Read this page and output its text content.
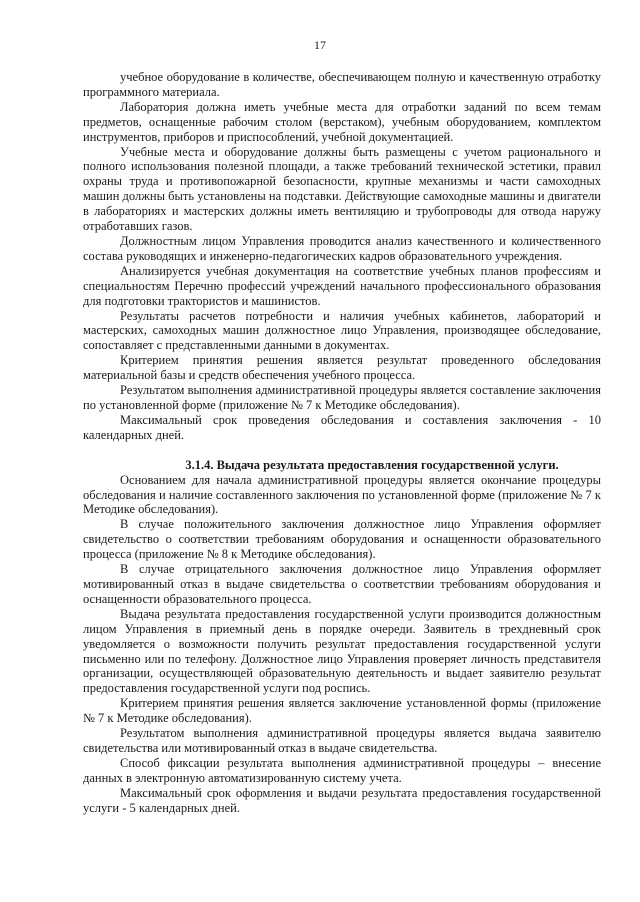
17

учебное оборудование в количестве, обеспечивающем полную и качественную отработку программного материала.

Лаборатория должна иметь учебные места для отработки заданий по всем темам предметов, оснащенные рабочим столом (верстаком), учебным оборудованием, комплектом инструментов, приборов и приспособлений, учебной документацией.

Учебные места и оборудование должны быть размещены с учетом рационального и полного использования полезной площади, а также требований технической эстетики, правил охраны труда и противопожарной безопасности, крупные механизмы и части самоходных машин должны быть установлены на подставки. Действующие самоходные машины и двигатели в лабораториях и мастерских должны иметь вентиляцию и трубопроводы для отвода наружу отработавших газов.

Должностным лицом Управления проводится анализ качественного и количественного состава руководящих и инженерно-педагогических кадров образовательного учреждения.

Анализируется учебная документация на соответствие учебных планов профессиям и специальностям Перечню профессий учреждений начального профессионального образования для подготовки трактористов и машинистов.

Результаты расчетов потребности и наличия учебных кабинетов, лабораторий и мастерских, самоходных машин должностное лицо Управления, производящее обследование, сопоставляет с представленными данными в документах.

Критерием принятия решения является результат проведенного обследования материальной базы и средств обеспечения учебного процесса.

Результатом выполнения административной процедуры является составление заключения по установленной форме (приложение № 7 к Методике обследования).

Максимальный срок проведения обследования и составления заключения - 10 календарных дней.

3.1.4. Выдача результата предоставления государственной услуги.

Основанием для начала административной процедуры является окончание процедуры обследования и наличие составленного заключения по установленной форме (приложение № 7 к Методике обследования).

В случае положительного заключения должностное лицо Управления оформляет свидетельство о соответствии требованиям оборудования и оснащенности образовательного процесса (приложение № 8 к Методике обследования).

В случае отрицательного заключения должностное лицо Управления оформляет мотивированный отказ в выдаче свидетельства о соответствии требованиям оборудования и оснащенности образовательного процесса.

Выдача результата предоставления государственной услуги производится должностным лицом Управления в приемный день в порядке очереди. Заявитель в трехдневный срок уведомляется о возможности получить результат предоставления государственной услуги письменно или по телефону. Должностное лицо Управления проверяет личность представителя организации, осуществляющей образовательную деятельность и выдает заявителю результат предоставления государственной услуги под роспись.

Критерием принятия решения является заключение установленной формы (приложение № 7 к Методике обследования).

Результатом выполнения административной процедуры является выдача заявителю свидетельства или мотивированный отказ в выдаче свидетельства.

Способ фиксации результата выполнения административной процедуры – внесение данных в электронную автоматизированную систему учета.

Максимальный срок оформления и выдачи результата предоставления государственной услуги - 5 календарных дней.
